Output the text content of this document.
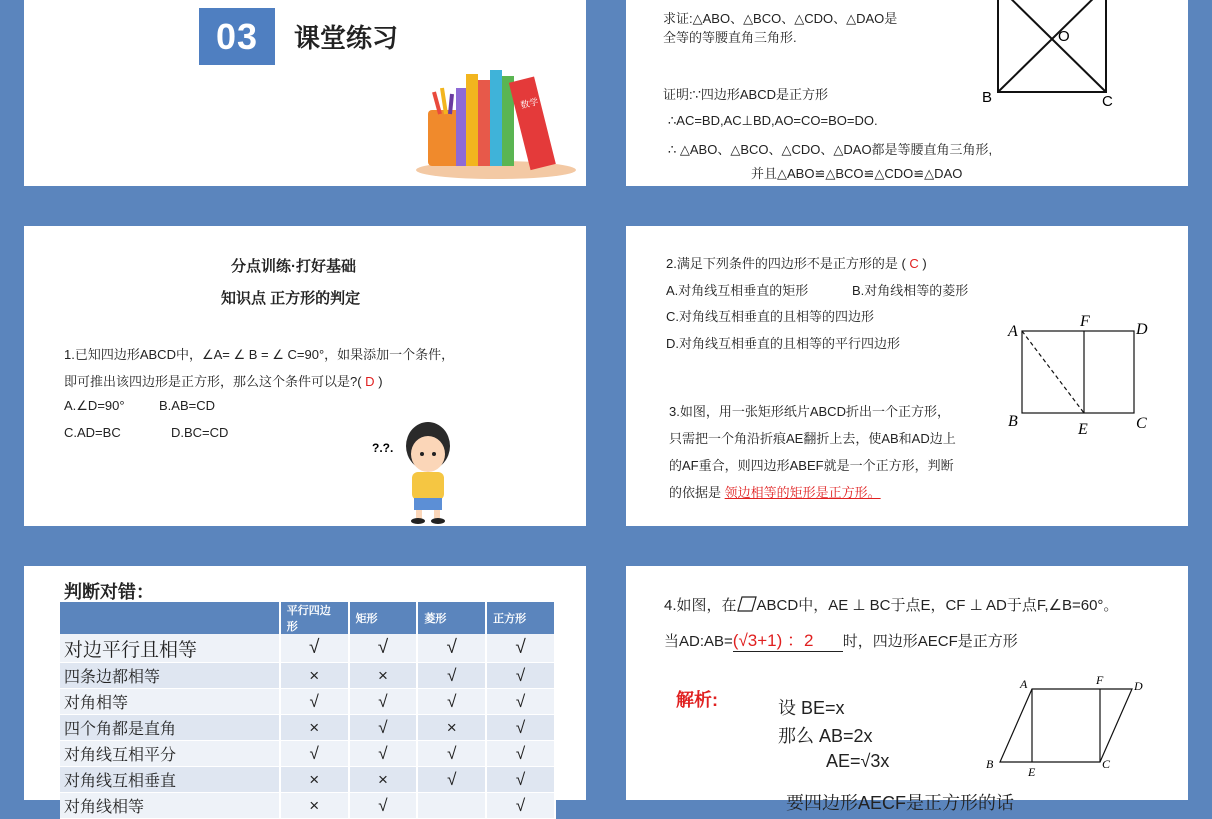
03	课堂练习
数学
求证:△ABO、△BCO、△CDO、△DAO是
全等的等腰直角三角形.
证明:∵四边形ABCD是正方形
∴AC=BD,AC⊥BD,AO=CO=BO=DO.
∴ △ABO、△BCO、△CDO、△DAO都是等腰直角三角形,
并且△ABO≌△BCO≌△CDO≌△DAO
O
B	C
分点训练·打好基础
知识点 正方形的判定
1.已知四边形ABCD中，∠A= ∠ B = ∠ C=90°，如果添加一个条件，
即可推出该四边形是正方形，那么这个条件可以是?( D )
A.∠D=90°	B.AB=CD
C.AD=BC	D.BC=CD
?.?.
2.满足下列条件的四边形不是正方形的是 ( C )
A.对角线互相垂直的矩形	B.对角线相等的菱形
C.对角线互相垂直的且相等的四边形
D.对角线互相垂直的且相等的平行四边形
3.如图，用一张矩形纸片ABCD折出一个正方形，
只需把一个角沿折痕AE翻折上去，使AB和AD边上
的AF重合，则四边形ABEF就是一个正方形，判断
的依据是 领边相等的矩形是正方形。
A
F	D
B	E	C
判断对错：
	平行四边形	矩形	菱形	正方形
对边平行且相等	√	√	√	√
四条边都相等	×	×	√	√
对角相等	√	√	√	√
四个角都是直角	×	√	×	√
对角线互相平分	√	√	√	√
对角线互相垂直	×	×	√	√
对角线相等	×	√		√
4.如图，在 ABCD中，AE ⊥ BC于点E，CF ⊥ AD于点F,∠B=60°。
当AD:AB=(√3+1) ：2 时，四边形AECF是正方形
解析:	设 BE=x
那么 AB=2x
AE=√3x
要四边形AECF是正方形的话
A	F	D
B
E
C
